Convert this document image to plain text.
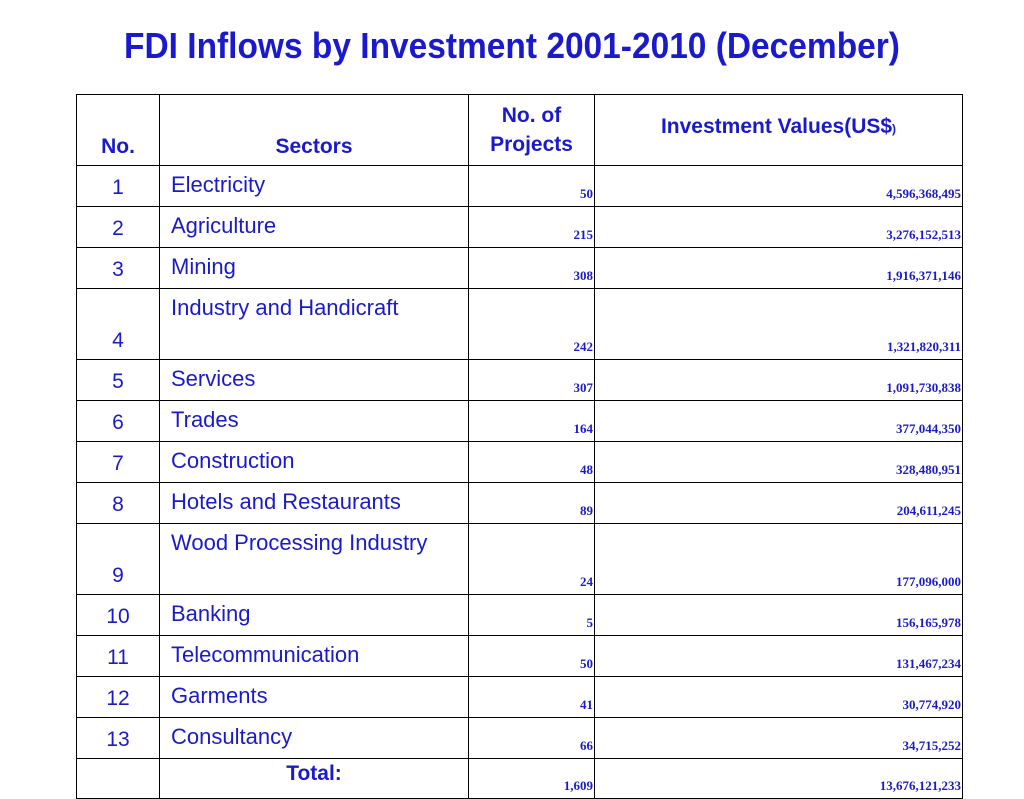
FDI Inflows by Investment 2001-2010 (December)
No.	Sectors	No. of Projects	Investment Values(US$)
1	Electricity	50	4,596,368,495
2	Agriculture	215	3,276,152,513
3	Mining	308	1,916,371,146
4	Industry and Handicraft	242	1,321,820,311
5	Services	307	1,091,730,838
6	Trades	164	377,044,350
7	Construction	48	328,480,951
8	Hotels and Restaurants	89	204,611,245
9	Wood Processing Industry	24	177,096,000
10	Banking	5	156,165,978
11	Telecommunication	50	131,467,234
12	Garments	41	30,774,920
13	Consultancy	66	34,715,252
	Total:	1,609	13,676,121,233
